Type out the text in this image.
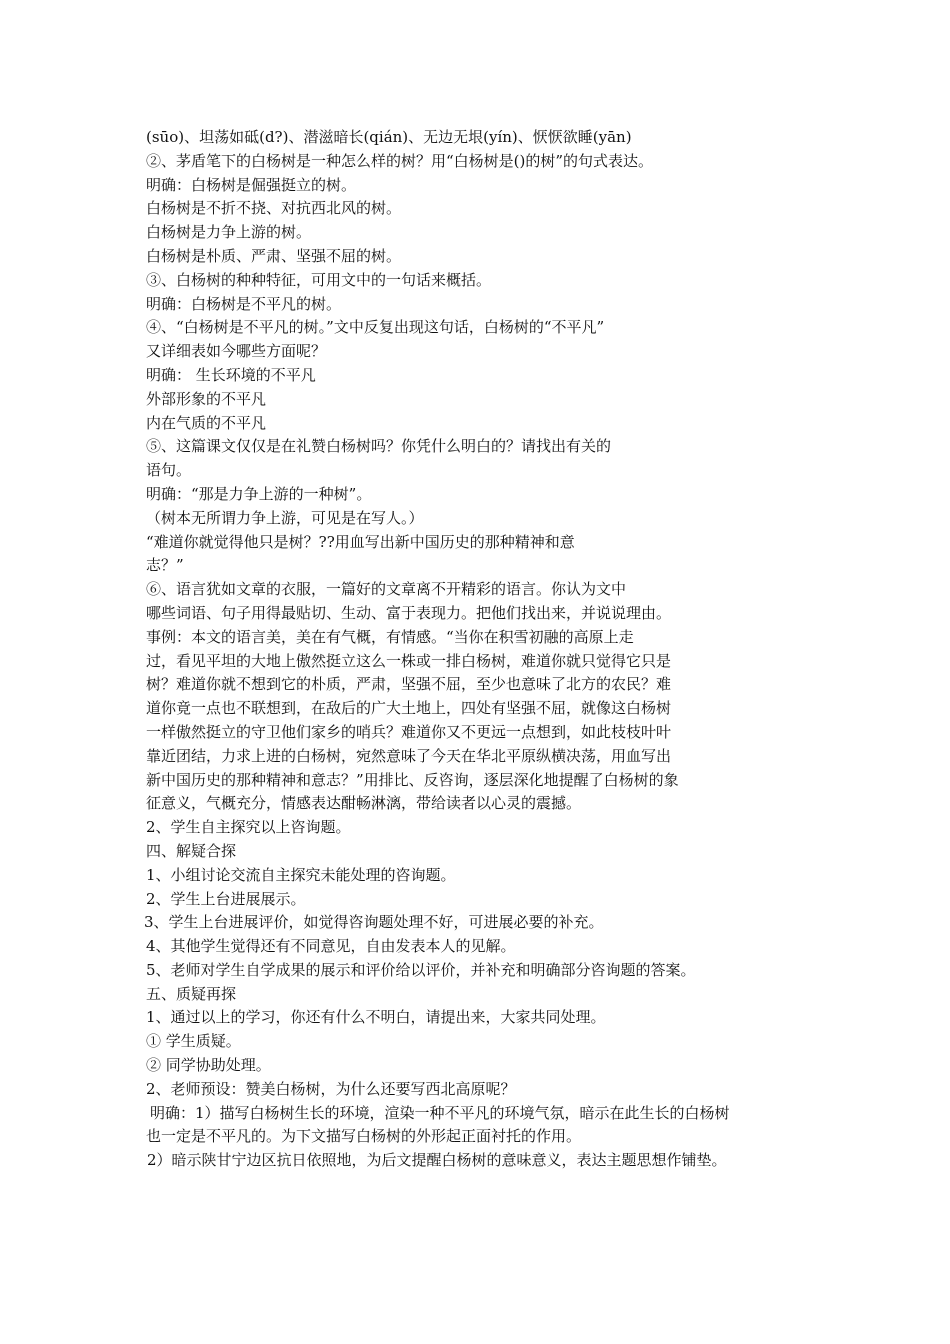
(sūo)、坦荡如砥(d?)、潜滋暗长(qián)、无边无垠(yín)、恹恹欲睡(yān)
②、茅盾笔下的白杨树是一种怎么样的树？用“白杨树是()的树”的句式表达。
明确：白杨树是倔强挺立的树。
白杨树是不折不挠、对抗西北风的树。
白杨树是力争上游的树。
白杨树是朴质、严肃、坚强不屈的树。
③、白杨树的种种特征，可用文中的一句话来概括。
明确：白杨树是不平凡的树。
④、“白杨树是不平凡的树。”文中反复出现这句话，白杨树的“不平凡”
又详细表如今哪些方面呢？
明确： 生长环境的不平凡
外部形象的不平凡
内在气质的不平凡
⑤、这篇课文仅仅是在礼赞白杨树吗？你凭什么明白的？请找出有关的
语句。
明确：“那是力争上游的一种树”。
（树本无所谓力争上游，可见是在写人。）
“难道你就觉得他只是树？??用血写出新中国历史的那种精神和意
志？”
⑥、语言犹如文章的衣服，一篇好的文章离不开精彩的语言。你认为文中
哪些词语、句子用得最贴切、生动、富于表现力。把他们找出来，并说说理由。
事例：本文的语言美，美在有气概，有情感。“当你在积雪初融的高原上走
过，看见平坦的大地上傲然挺立这么一株或一排白杨树，难道你就只觉得它只是
树？难道你就不想到它的朴质，严肃，坚强不屈，至少也意味了北方的农民？难
道你竟一点也不联想到，在敌后的广大土地上，四处有坚强不屈，就像这白杨树
一样傲然挺立的守卫他们家乡的哨兵？难道你又不更远一点想到，如此枝枝叶叶
靠近团结，力求上进的白杨树，宛然意味了今天在华北平原纵横决荡，用血写出
新中国历史的那种精神和意志？”用排比、反咨询，逐层深化地提醒了白杨树的象
征意义，气概充分，情感表达酣畅淋漓，带给读者以心灵的震撼。
2、学生自主探究以上咨询题。
四、解疑合探
1、小组讨论交流自主探究未能处理的咨询题。
2、学生上台进展展示。
3、学生上台进展评价，如觉得咨询题处理不好，可进展必要的补充。
4、其他学生觉得还有不同意见，自由发表本人的见解。
5、老师对学生自学成果的展示和评价给以评价，并补充和明确部分咨询题的答案。
五、质疑再探
1、通过以上的学习，你还有什么不明白，请提出来，大家共同处理。
① 学生质疑。
② 同学协助处理。
2、老师预设：赞美白杨树，为什么还要写西北高原呢？
明确：1）描写白杨树生长的环境，渲染一种不平凡的环境气氛，暗示在此生长的白杨树
也一定是不平凡的。为下文描写白杨树的外形起正面衬托的作用。
2）暗示陕甘宁边区抗日依照地，为后文提醒白杨树的意味意义，表达主题思想作铺垫。
